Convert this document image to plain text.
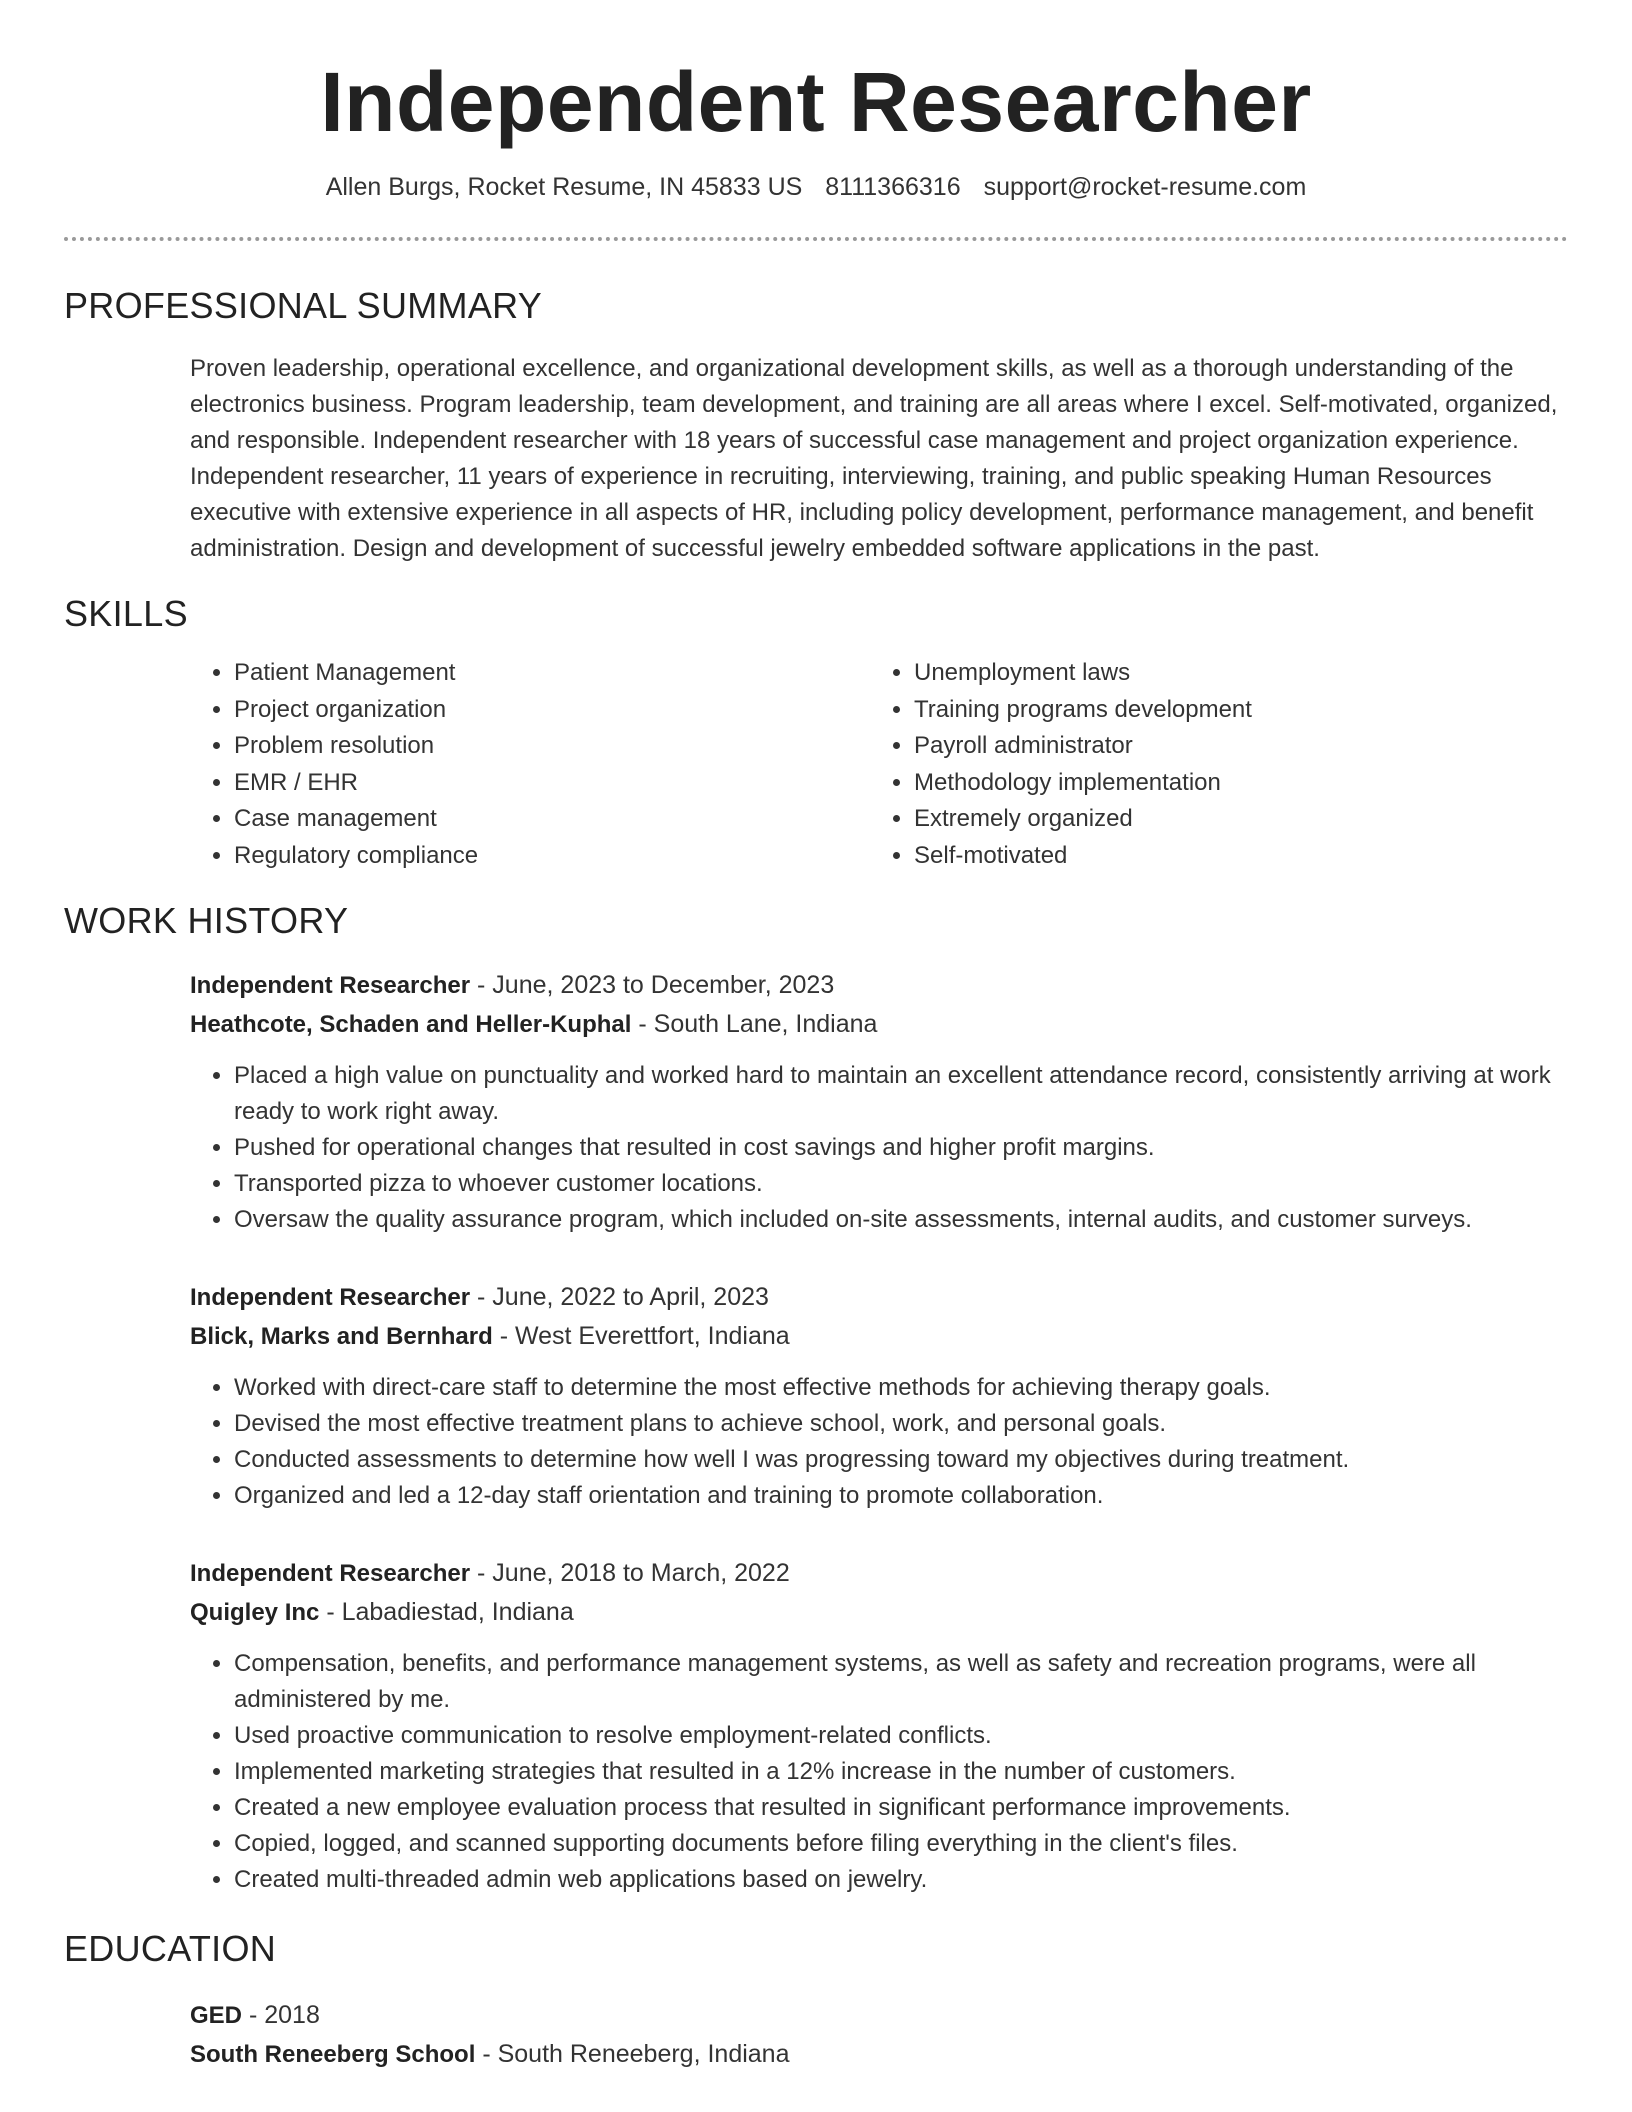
Independent Researcher
Allen Burgs, Rocket Resume, IN 45833 US 8111366316 support@rocket-resume.com
PROFESSIONAL SUMMARY

Proven leadership, operational excellence, and organizational development skills, as well as a thorough understanding of the electronics business. Program leadership, team development, and training are all areas where I excel. Self-motivated, organized, and responsible. Independent researcher with 18 years of successful case management and project organization experience. Independent researcher, 11 years of experience in recruiting, interviewing, training, and public speaking Human Resources executive with extensive experience in all aspects of HR, including policy development, performance management, and benefit administration. Design and development of successful jewelry embedded software applications in the past.

SKILLS
• Patient Management
• Project organization
• Problem resolution
• EMR / EHR
• Case management
• Regulatory compliance
• Unemployment laws
• Training programs development
• Payroll administrator
• Methodology implementation
• Extremely organized
• Self-motivated
WORK HISTORY
Independent Researcher - June, 2023 to December, 2023
Heathcote, Schaden and Heller-Kuphal - South Lane, Indiana
• Placed a high value on punctuality and worked hard to maintain an excellent attendance record, consistently arriving at work ready to work right away.
• Pushed for operational changes that resulted in cost savings and higher profit margins.
• Transported pizza to whoever customer locations.
• Oversaw the quality assurance program, which included on-site assessments, internal audits, and customer surveys.
Independent Researcher - June, 2022 to April, 2023
Blick, Marks and Bernhard - West Everettfort, Indiana
• Worked with direct-care staff to determine the most effective methods for achieving therapy goals.
• Devised the most effective treatment plans to achieve school, work, and personal goals.
• Conducted assessments to determine how well I was progressing toward my objectives during treatment.
• Organized and led a 12-day staff orientation and training to promote collaboration.
Independent Researcher - June, 2018 to March, 2022
Quigley Inc - Labadiestad, Indiana
• Compensation, benefits, and performance management systems, as well as safety and recreation programs, were all administered by me.
• Used proactive communication to resolve employment-related conflicts.
• Implemented marketing strategies that resulted in a 12% increase in the number of customers.
• Created a new employee evaluation process that resulted in significant performance improvements.
• Copied, logged, and scanned supporting documents before filing everything in the client's files.
• Created multi-threaded admin web applications based on jewelry.
EDUCATION
GED - 2018
South Reneeberg School - South Reneeberg, Indiana
